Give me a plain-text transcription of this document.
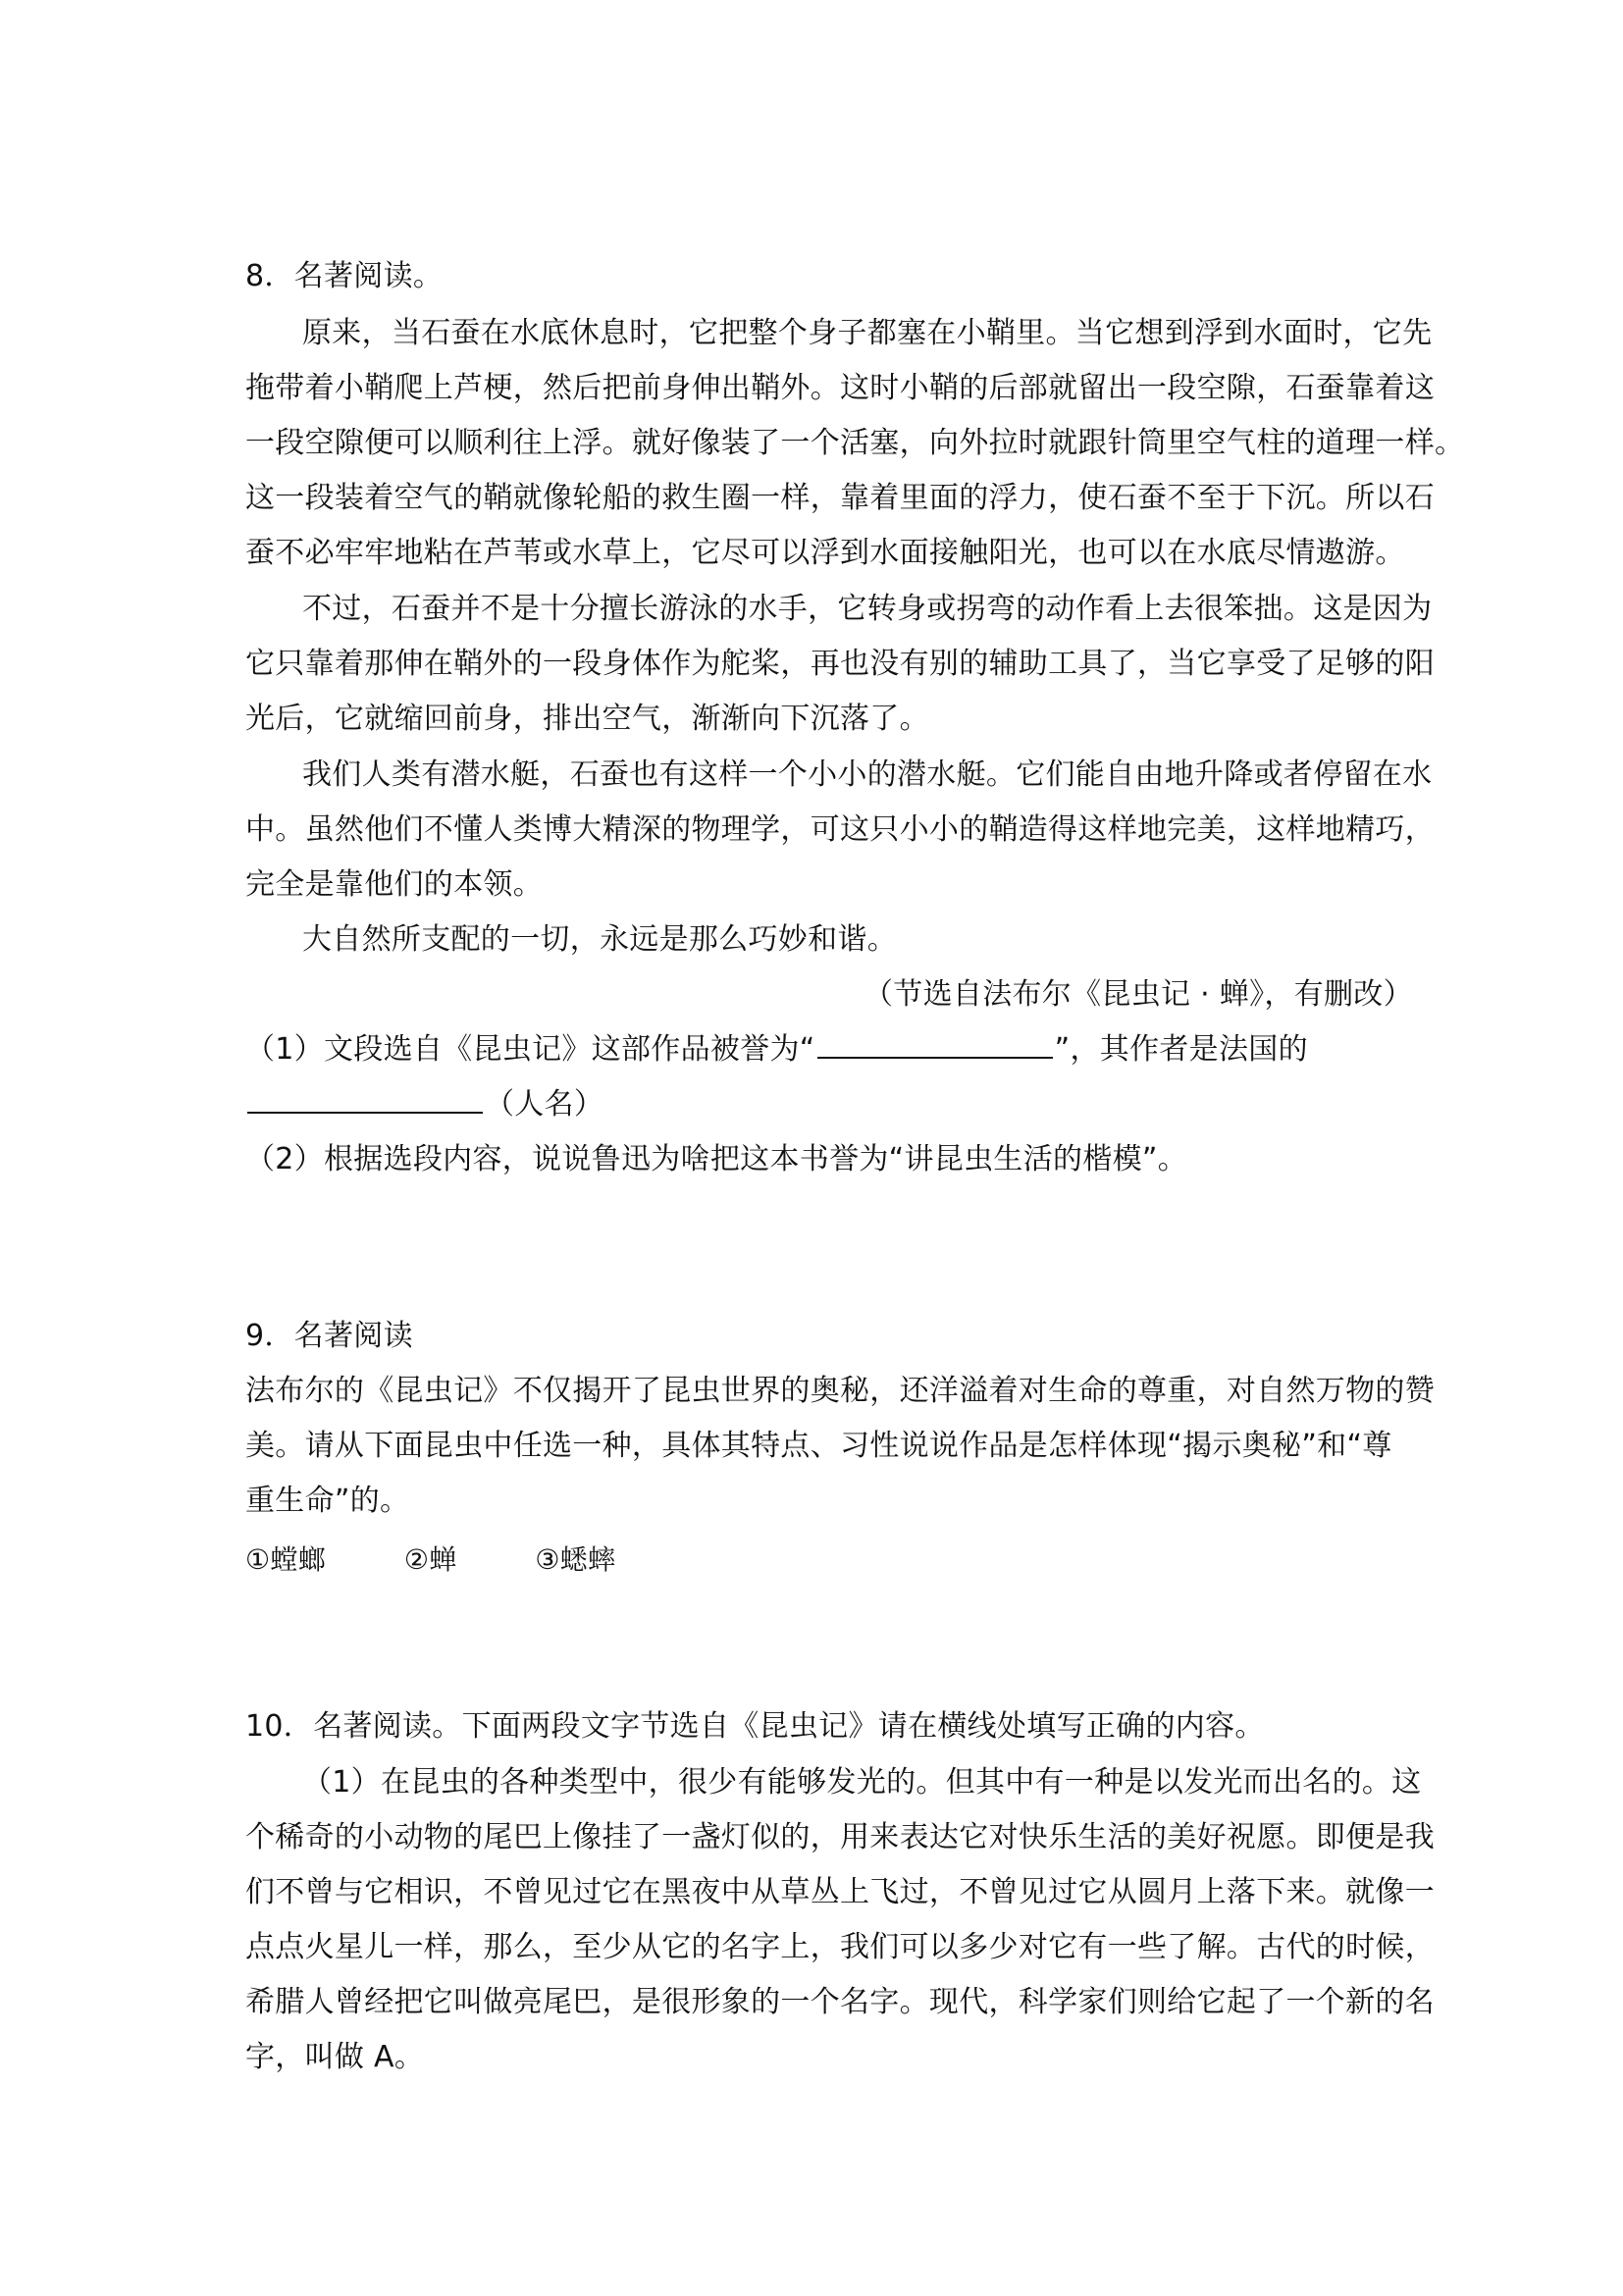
8．名著阅读。
原来，当石蚕在水底休息时，它把整个身子都塞在小鞘里。当它想到浮到水面时，它先
拖带着小鞘爬上芦梗，然后把前身伸出鞘外。这时小鞘的后部就留出一段空隙，石蚕靠着这
一段空隙便可以顺利往上浮。就好像装了一个活塞，向外拉时就跟针筒里空气柱的道理一样。
这一段装着空气的鞘就像轮船的救生圈一样，靠着里面的浮力，使石蚕不至于下沉。所以石
蚕不必牢牢地粘在芦苇或水草上，它尽可以浮到水面接触阳光，也可以在水底尽情遨游。
不过，石蚕并不是十分擅长游泳的水手，它转身或拐弯的动作看上去很笨拙。这是因为
它只靠着那伸在鞘外的一段身体作为舵桨，再也没有别的辅助工具了，当它享受了足够的阳
光后，它就缩回前身，排出空气，渐渐向下沉落了。
我们人类有潜水艇，石蚕也有这样一个小小的潜水艇。它们能自由地升降或者停留在水
中。虽然他们不懂人类博大精深的物理学，可这只小小的鞘造得这样地完美，这样地精巧，
完全是靠他们的本领。
大自然所支配的一切，永远是那么巧妙和谐。
（节选自法布尔《昆虫记 · 蝉》，有删改）
（1）文段选自《昆虫记》这部作品被誉为“	”，其作者是法国的
（人名）
（2）根据选段内容，说说鲁迅为啥把这本书誉为“讲昆虫生活的楷模”。
9．名著阅读
法布尔的《昆虫记》不仅揭开了昆虫世界的奥秘，还洋溢着对生命的尊重，对自然万物的赞
美。请从下面昆虫中任选一种，具体其特点、习性说说作品是怎样体现“揭示奥秘”和“尊
重生命”的。
①螳螂	②蝉	③蟋蟀
10．名著阅读。下面两段文字节选自《昆虫记》请在横线处填写正确的内容。
（1）在昆虫的各种类型中，很少有能够发光的。但其中有一种是以发光而出名的。这
个稀奇的小动物的尾巴上像挂了一盏灯似的，用来表达它对快乐生活的美好祝愿。即便是我
们不曾与它相识，不曾见过它在黑夜中从草丛上飞过，不曾见过它从圆月上落下来。就像一
点点火星儿一样，那么，至少从它的名字上，我们可以多少对它有一些了解。古代的时候，
希腊人曾经把它叫做亮尾巴，是很形象的一个名字。现代，科学家们则给它起了一个新的名
字，叫做 A。
